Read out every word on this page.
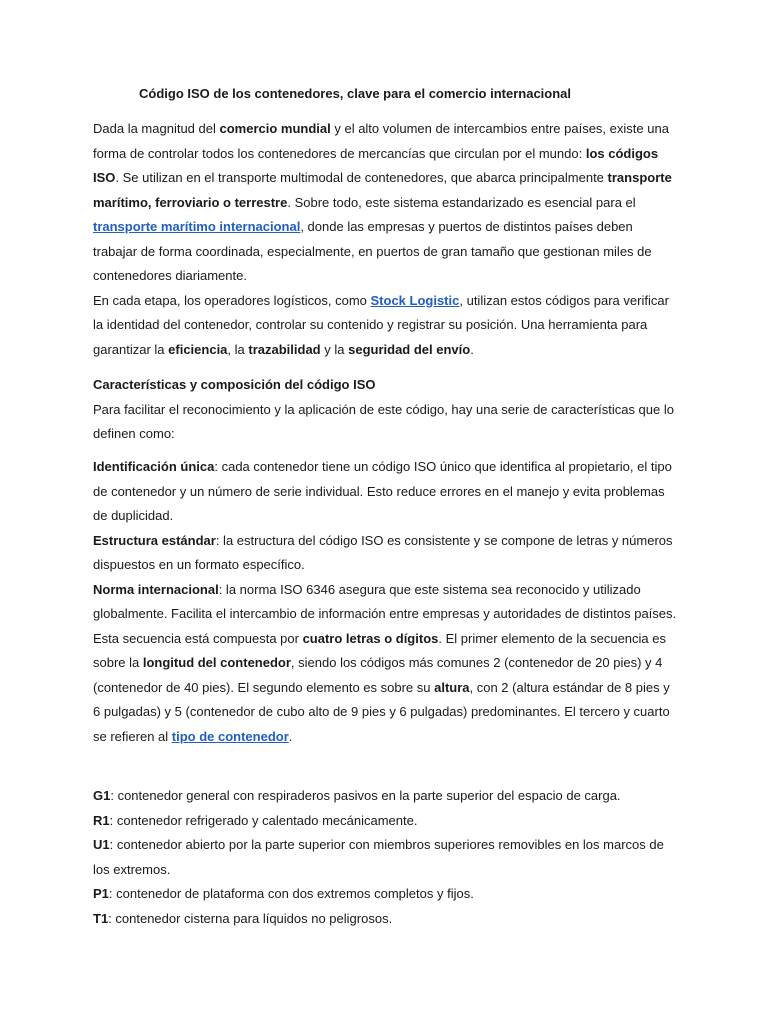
Código ISO de los contenedores, clave para el comercio internacional

Dada la magnitud del comercio mundial y el alto volumen de intercambios entre países, existe una forma de controlar todos los contenedores de mercancías que circulan por el mundo: los códigos ISO. Se utilizan en el transporte multimodal de contenedores, que abarca principalmente transporte marítimo, ferroviario o terrestre. Sobre todo, este sistema estandarizado es esencial para el transporte marítimo internacional, donde las empresas y puertos de distintos países deben trabajar de forma coordinada, especialmente, en puertos de gran tamaño que gestionan miles de contenedores diariamente.

En cada etapa, los operadores logísticos, como Stock Logistic, utilizan estos códigos para verificar la identidad del contenedor, controlar su contenido y registrar su posición. Una herramienta para garantizar la eficiencia, la trazabilidad y la seguridad del envío.

Características y composición del código ISO

Para facilitar el reconocimiento y la aplicación de este código, hay una serie de características que lo definen como:

Identificación única: cada contenedor tiene un código ISO único que identifica al propietario, el tipo de contenedor y un número de serie individual. Esto reduce errores en el manejo y evita problemas de duplicidad.

Estructura estándar: la estructura del código ISO es consistente y se compone de letras y números dispuestos en un formato específico.

Norma internacional: la norma ISO 6346 asegura que este sistema sea reconocido y utilizado globalmente. Facilita el intercambio de información entre empresas y autoridades de distintos países.

Esta secuencia está compuesta por cuatro letras o dígitos. El primer elemento de la secuencia es sobre la longitud del contenedor, siendo los códigos más comunes 2 (contenedor de 20 pies) y 4 (contenedor de 40 pies). El segundo elemento es sobre su altura, con 2 (altura estándar de 8 pies y 6 pulgadas) y 5 (contenedor de cubo alto de 9 pies y 6 pulgadas) predominantes. El tercero y cuarto se refieren al tipo de contenedor.

G1: contenedor general con respiraderos pasivos en la parte superior del espacio de carga.

R1: contenedor refrigerado y calentado mecánicamente.

U1: contenedor abierto por la parte superior con miembros superiores removibles en los marcos de los extremos.

P1: contenedor de plataforma con dos extremos completos y fijos.

T1: contenedor cisterna para líquidos no peligrosos.
